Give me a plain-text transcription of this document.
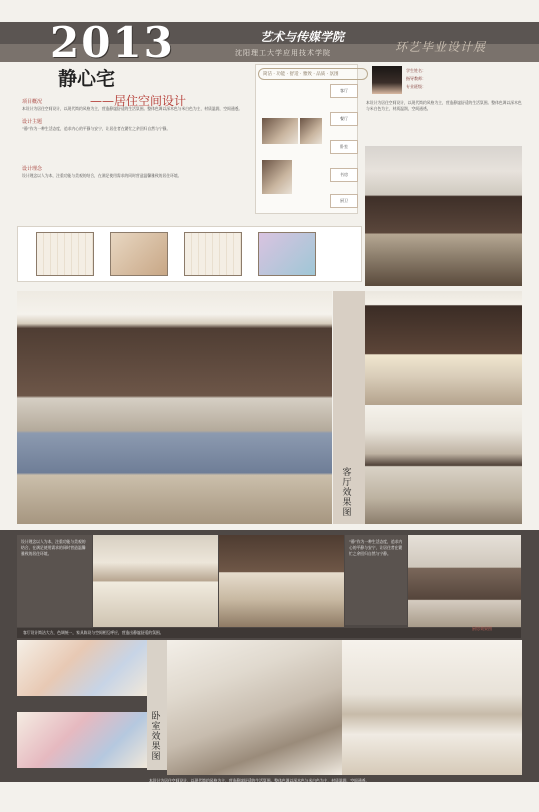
2013	艺术与传媒学院
沈阳理工大学应用技术学院	环艺毕业设计展
静心宅
——居住空间设计
项目概况
本设计为居住空间设计，以现代简约风格为主，营造静谧舒适的生活氛围。整体色调以深木色与米白色为主，材质温润，空间通透。
设计主题
“静”作为一种生活态度，追求内心的平静与安宁，让居住者在繁忙之余回归自然与宁静。
设计理念
设计理念以人为本，注重功能与美观的结合，在满足使用需求的同时营造温馨雅致的居住环境。
简洁 · 功能 · 舒适 · 雅致 · 品质 · 氛围
客厅
餐厅
卧室
书房
厨卫
学生姓名：
指导教师：
专业班级：
本设计为居住空间设计，以现代简约风格为主，营造静谧舒适的生活氛围。整体色调以深木色与米白色为主，材质温润，空间通透。
客厅效果图
设计理念以人为本，注重功能与美观的结合，在满足使用需求的同时营造温馨雅致的居住环境。
“静”作为一种生活态度，追求内心的平静与安宁，让居住者在繁忙之余回归自然与宁静。
客厅设计简洁大方，色调统一，家具陈设与空间相互呼应，营造出静谧舒适的氛围。
厨房效果图
卧室效果图
本设计为居住空间设计，以现代简约风格为主，营造静谧舒适的生活氛围。整体色调以深木色与米白色为主，材质温润，空间通透。
